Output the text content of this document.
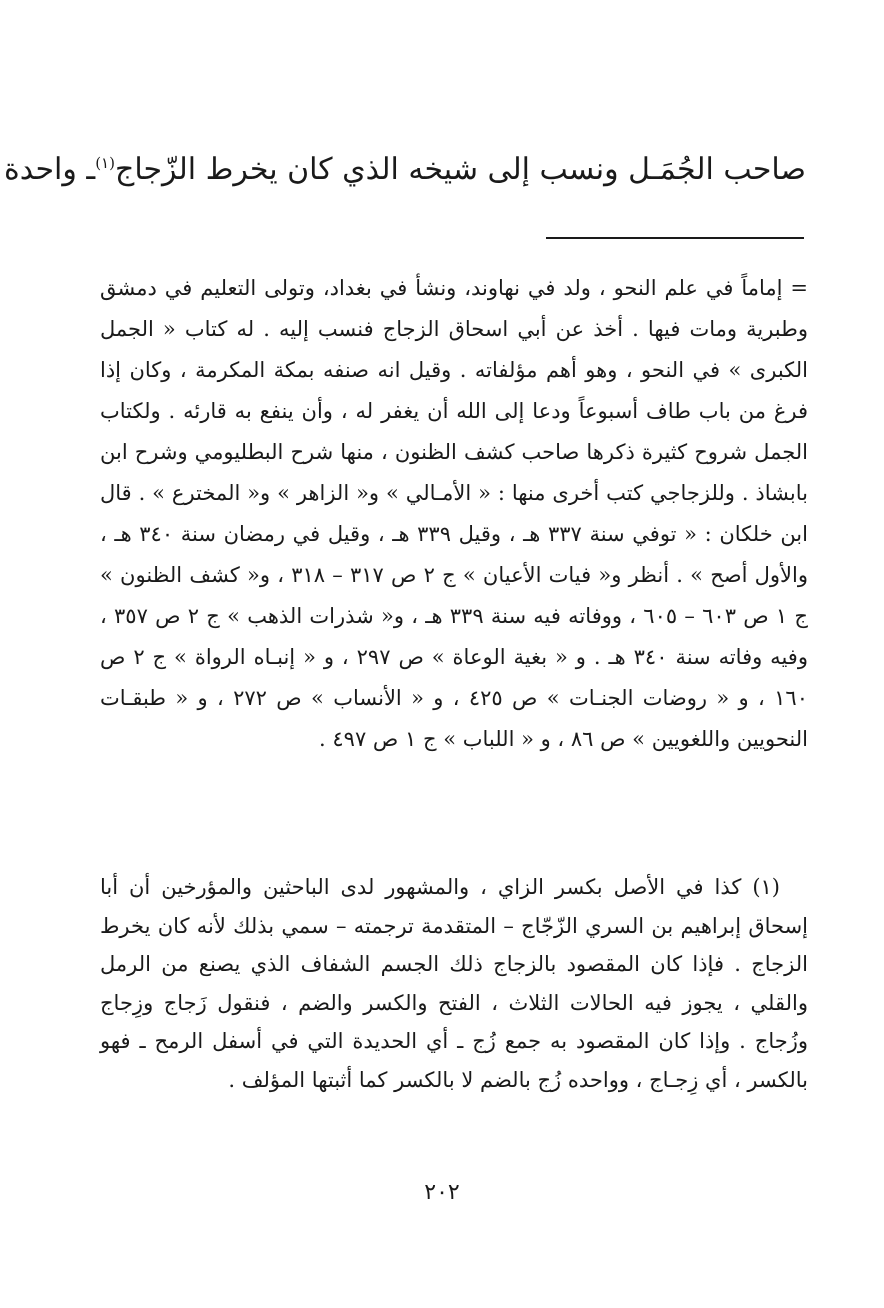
صاحب الجُمَـل ونسب إلى شيخه الذي كان يخرط الزّجاج$^{(١)}$ـ واحدة

= إماماً في علم النحو ، ولد في نهاوند، ونشأ في بغداد، وتولى التعليم في دمشق وطبرية ومات فيها . أخذ عن أبي اسحاق الزجاج فنسب إليه . له كتاب « الجمل الكبرى » في النحو ، وهو أهم مؤلفاته . وقيل انه صنفه بمكة المكرمة ، وكان إذا فرغ من باب طاف أسبوعاً ودعا إلى الله أن يغفر له ، وأن ينفع به قارئه . ولكتاب الجمل شروح كثيرة ذكرها صاحب كشف الظنون ، منها شرح البطليومي وشرح ابن بابشاذ . وللزجاجي كتب أخرى منها : « الأمـالي » و« الزاهر » و« المخترع » . قال ابن خلكان : « توفي سنة ٣٣٧ هـ ، وقيل ٣٣٩ هـ ، وقيل في رمضان سنة ٣٤٠ هـ ، والأول أصح » . أنظر و« فيات الأعيان » ج ٢ ص ٣١٧ – ٣١٨ ، و« كشف الظنون » ج ١ ص ٦٠٣ – ٦٠٥ ، ووفاته فيه سنة ٣٣٩ هـ ، و« شذرات الذهب » ج ٢ ص ٣٥٧ ، وفيه وفاته سنة ٣٤٠ هـ . و « بغية الوعاة » ص ٢٩٧ ، و « إنبـاه الرواة » ج ٢ ص ١٦٠ ، و « روضات الجنـات » ص ٤٢٥ ، و « الأنساب » ص ٢٧٢ ، و « طبقـات النحويين واللغويين » ص ٨٦ ، و « اللباب » ج ١ ص ٤٩٧ .

(١) كذا في الأصل بكسر الزاي ، والمشهور لدى الباحثين والمؤرخين أن أبا إسحاق إبراهيم بن السري الزّجّاج – المتقدمة ترجمته – سمي بذلك لأنه كان يخرط الزجاج . فإذا كان المقصود بالزجاج ذلك الجسم الشفاف الذي يصنع من الرمل والقلي ، يجوز فيه الحالات الثلاث ، الفتح والكسر والضم ، فنقول زَجاج وزِجاج وزُجاج . وإذا كان المقصود به جمع زُج ـ أي الحديدة التي في أسفل الرمح ـ فهو بالكسر ، أي زِجـاج ، وواحده زُج بالضم لا بالكسر كما أثبتها المؤلف .

٢٠٢
